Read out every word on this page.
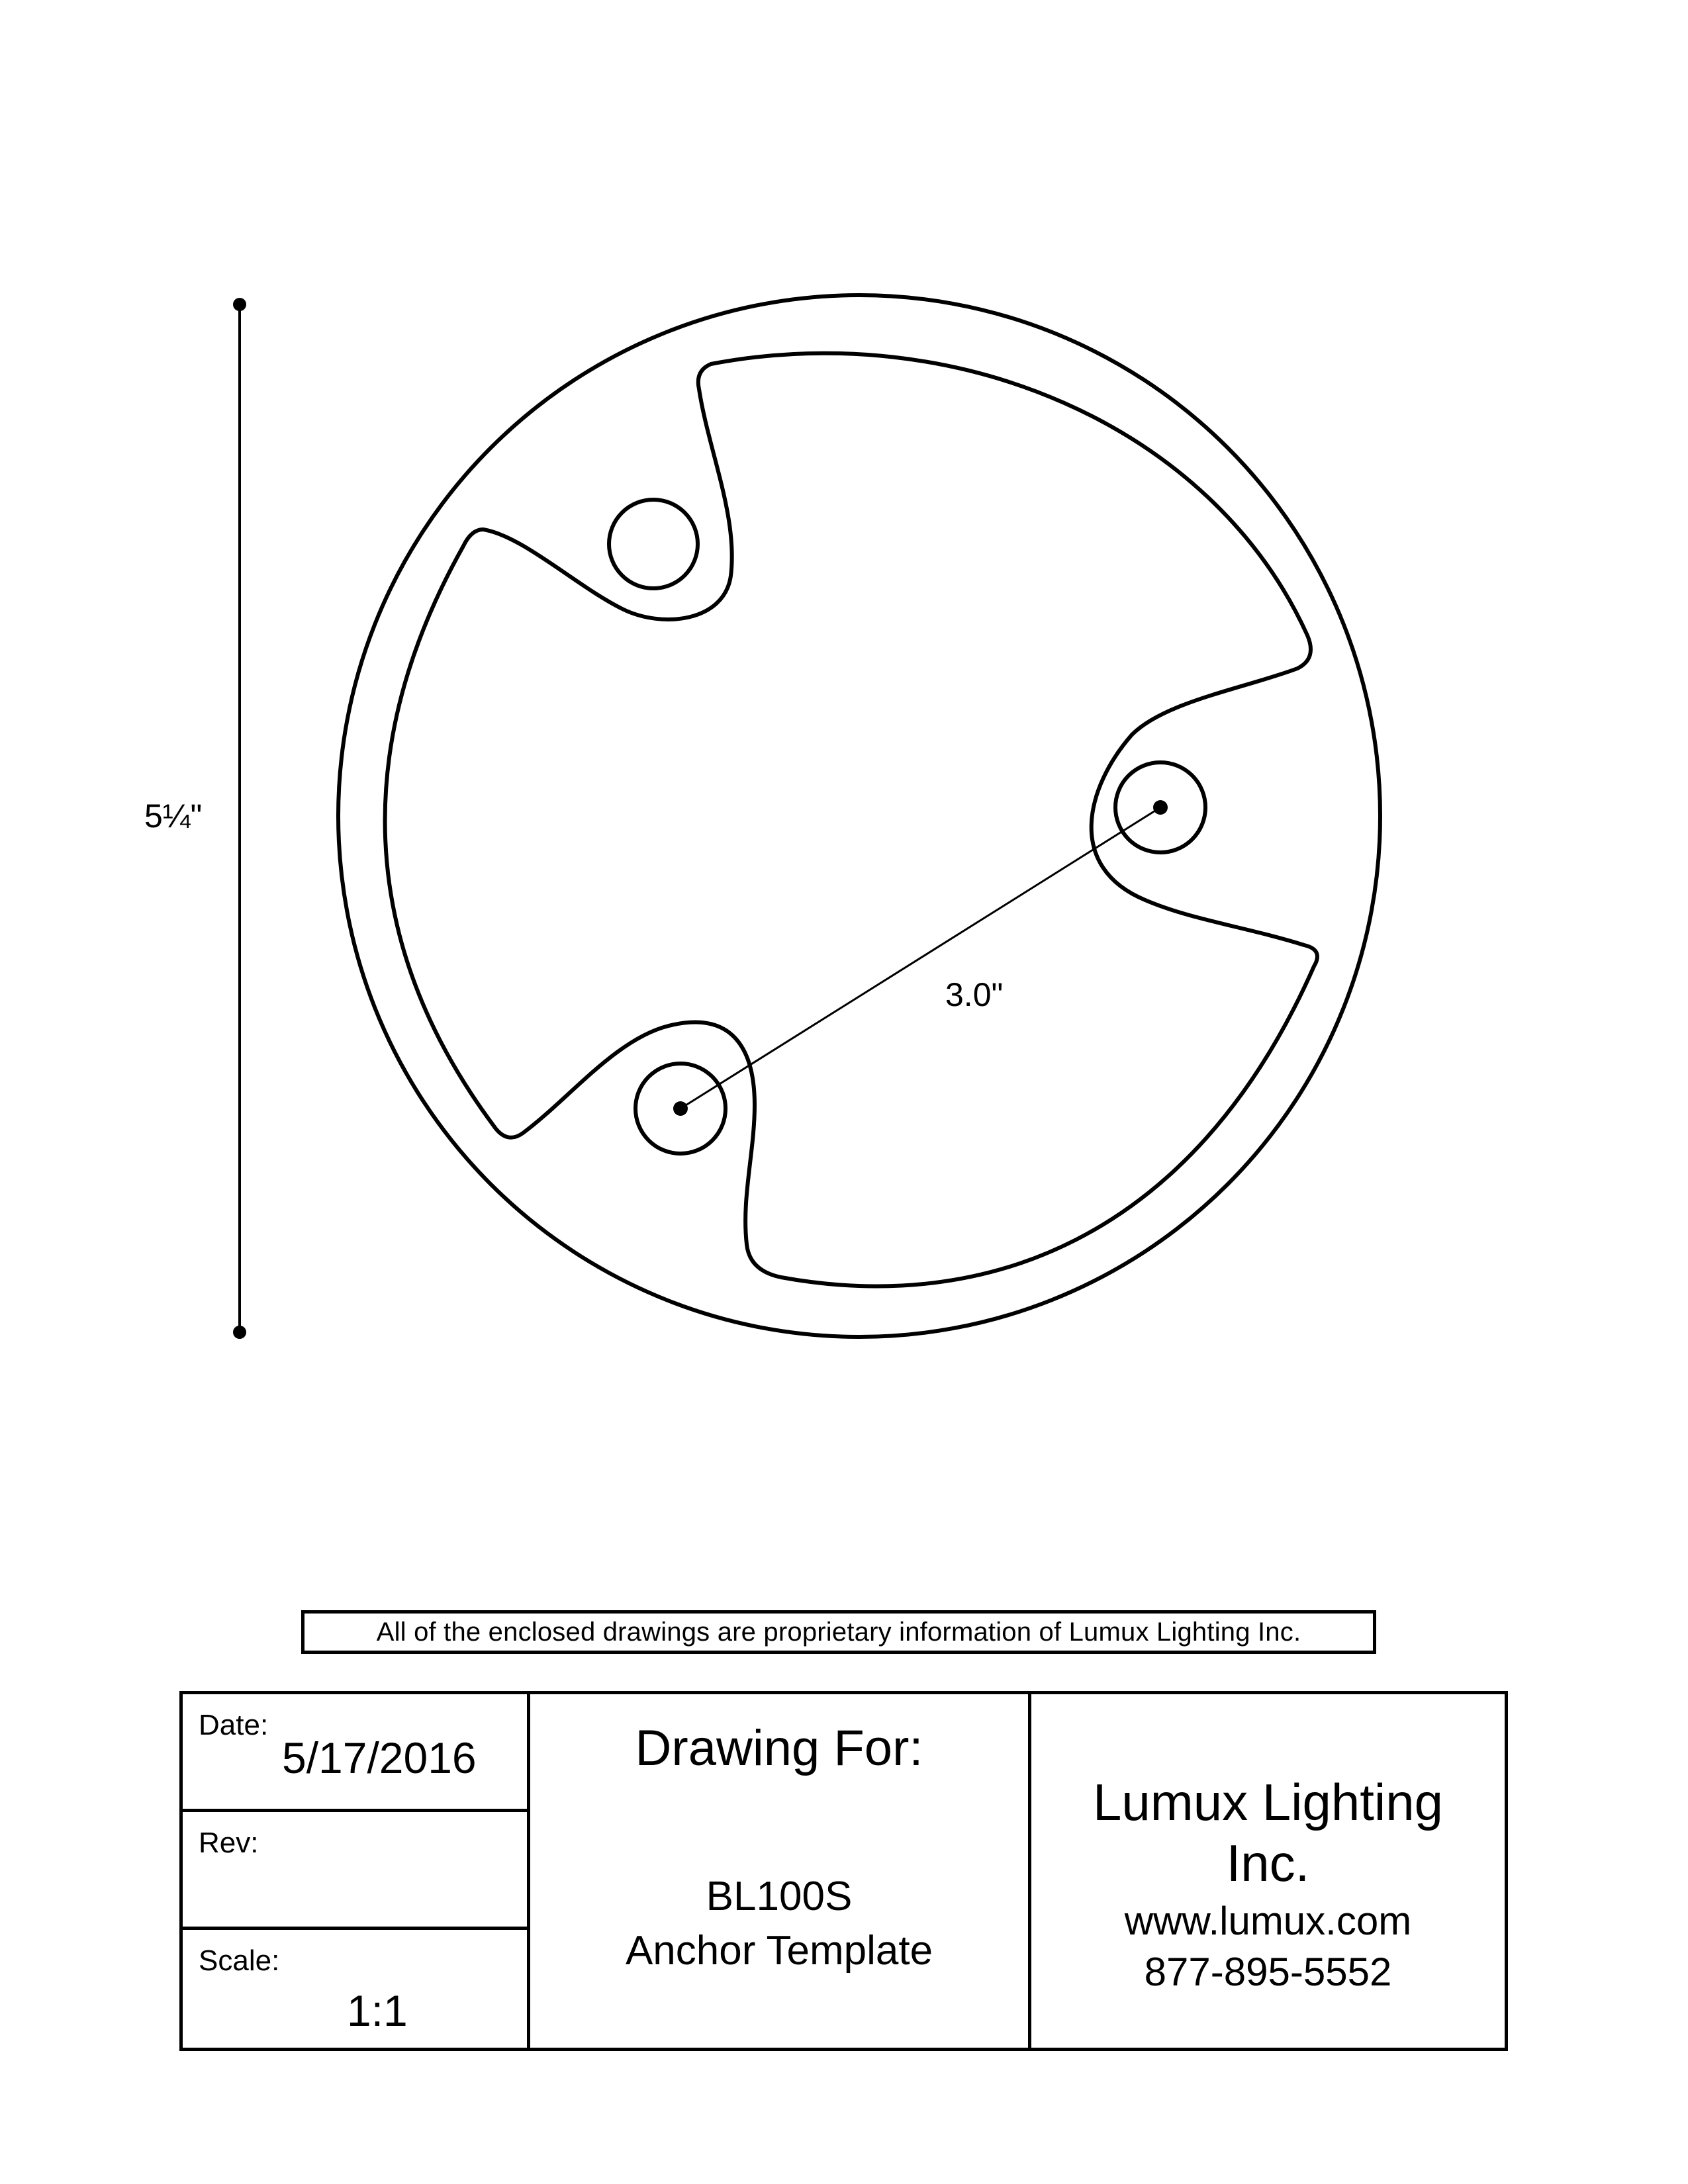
5¼"
3.0"
All of the enclosed drawings are proprietary information of Lumux Lighting Inc.
Date:
5/17/2016
Rev:
Scale:
1:1
Drawing For:
BL100S
Anchor Template
Lumux Lighting
Inc.
www.lumux.com
877-895-5552
